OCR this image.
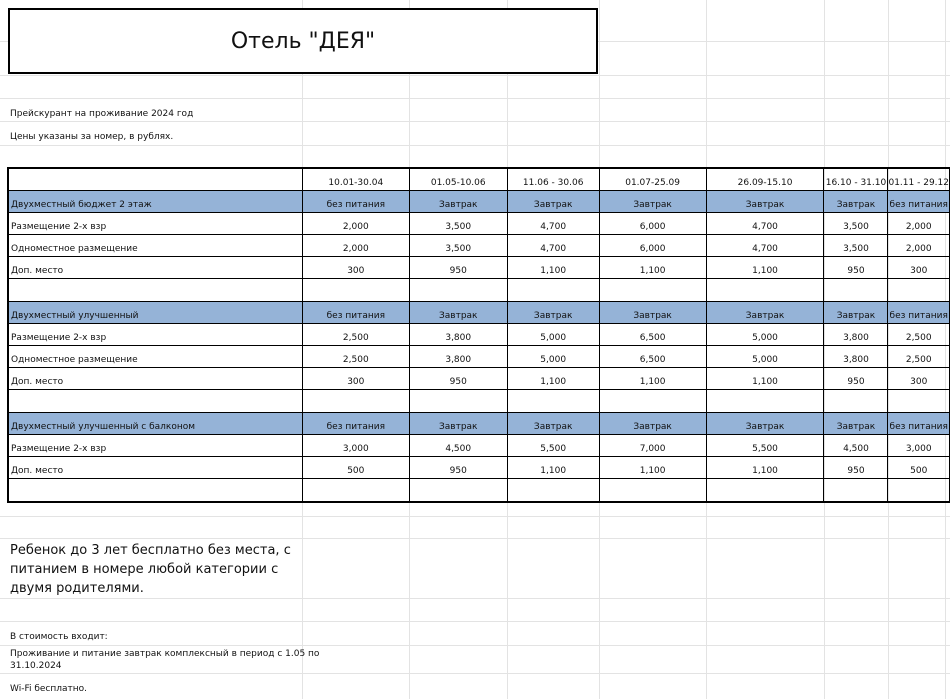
Отель "ДЕЯ"
Прейскурант на проживание 2024 год
Цены указаны за номер, в рублях.
	10.01-30.04	01.05-10.06	11.06 - 30.06	01.07-25.09	26.09-15.10	16.10 - 31.10	01.11 - 29.12
Двухместный бюджет 2 этаж	без питания	Завтрак	Завтрак	Завтрак	Завтрак	Завтрак	без питания
Размещение 2-х взр	2,000	3,500	4,700	6,000	4,700	3,500	2,000
Одноместное размещение	2,000	3,500	4,700	6,000	4,700	3,500	2,000
Доп. место	300	950	1,100	1,100	1,100	950	300

Двухместный улучшенный	без питания	Завтрак	Завтрак	Завтрак	Завтрак	Завтрак	без питания
Размещение 2-х взр	2,500	3,800	5,000	6,500	5,000	3,800	2,500
Одноместное размещение	2,500	3,800	5,000	6,500	5,000	3,800	2,500
Доп. место	300	950	1,100	1,100	1,100	950	300

Двухместный улучшенный с балконом	без питания	Завтрак	Завтрак	Завтрак	Завтрак	Завтрак	без питания
Размещение 2-х взр	3,000	4,500	5,500	7,000	5,500	4,500	3,000
Доп. место	500	950	1,100	1,100	1,100	950	500

Ребенок до 3 лет бесплатно без места, с питанием в номере любой категории с двумя родителями.
В стоимость входит:
Проживание и питание завтрак комплексный в период с 1.05 по
31.10.2024
Wi-Fi бесплатно.
